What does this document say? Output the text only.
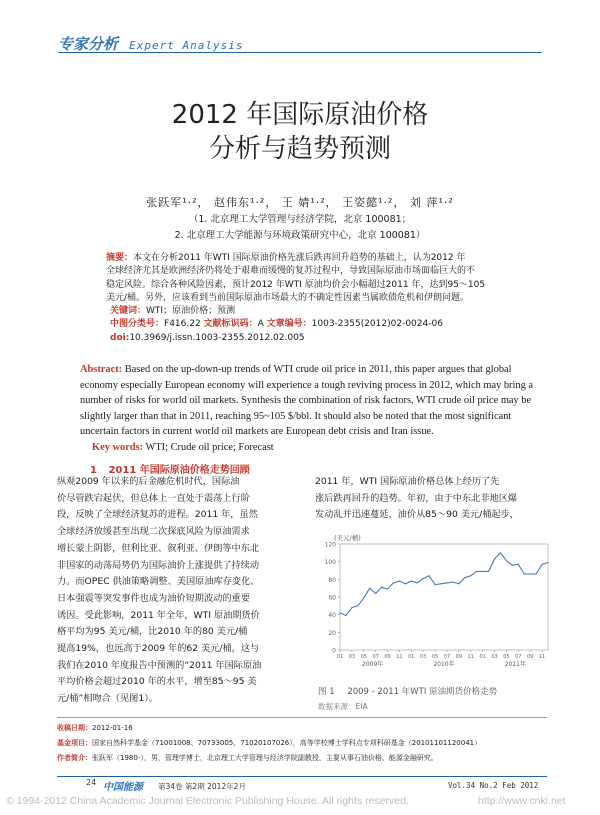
专家分析 Expert Analysis
2012 年国际原油价格
分析与趋势预测
张跃军¹·²， 赵伟东¹·²， 王 婧¹·²， 王姿懿¹·²， 刘 萍¹·²
（1. 北京理工大学管理与经济学院，北京 100081；
2. 北京理工大学能源与环境政策研究中心，北京 100081）
摘要：本文在分析2011 年WTI 国际原油价格先涨后跌再回升趋势的基础上，认为2012 年
全球经济尤其是欧洲经济仍将处于艰难而缓慢的复苏过程中，导致国际原油市场面临巨大的不
稳定风险。综合各种风险因素，预计2012 年WTI 原油均价会小幅超过2011 年，达到95～105
美元/桶。另外，应该看到当前国际原油市场最大的不确定性因素当属欧债危机和伊朗问题。
关键词：WTI；原油价格；预测
中图分类号：F416.22 文献标识码：A 文章编号：1003-2355(2012)02-0024-06
doi:10.3969/j.issn.1003-2355.2012.02.005
Abstract: Based on the up-down-up trends of WTI crude oil price in 2011, this paper argues that global
economy especially European economy will experience a tough reviving process in 2012, which may bring a
number of risks for world oil markets. Synthesis the combination of risk factors, WTI crude oil price may be
slightly larger than that in 2011, reaching 95~105 $/bbl. It should also be noted that the most significant
uncertain factors in current world oil markets are European debt crisis and Iran issue.
Key words: WTI; Crude oil price; Forecast
1 2011 年国际原油价格走势回顾
纵观2009 年以来的后金融危机时代，国际油
价尽管跌宕起伏，但总体上一直处于震荡上行阶
段，反映了全球经济复苏的进程。2011 年，虽然
全球经济放缓甚至出现二次探底风险为原油需求
增长蒙上阴影，但利比亚、叙利亚、伊朗等中东北
非国家的动荡局势仍为国际油价上涨提供了持续动
力。而OPEC 供油策略调整、美国原油库存变化、
日本强震等突发事件也成为油价短期波动的重要
诱因。受此影响，2011 年全年，WTI 原油期货价
格平均为95 美元/桶，比2010 年的80 美元/桶
提高19%，也远高于2009 年的62 美元/桶，这与
我们在2010 年度报告中预测的“2011 年国际原油
平均价格会超过2010 年的水平，增至85～95 美
元/桶”相吻合（见图1）。
2011 年，WTI 国际原油价格总体上经历了先
涨后跌再回升的趋势。年初，由于中东北非地区爆
发动乱并迅速蔓延，油价从85～90 美元/桶起步，
0
20
40
60
80
100
120
(美元/桶)
01 03 05 07 09 11 01 03 05 07 09 11 01 03 05 07 09 11
2009年	2010年	2011年
图 1 2009 - 2011 年WTI 原油期货价格走势
数据来源：EIA
收稿日期：2012-01-16
基金项目：国家自然科学基金（71001008、70733005、71020107026），高等学校博士学科点专项科研基金（20101101120041）
作者简介：张跃军（1980-），男，管理学博士，北京理工大学管理与经济学院副教授，主要从事石油价格、能源金融研究。
24 中国能源 第34卷 第2期 2012年2月	Vol.34 No.2 Feb 2012
© 1994-2012 China Academic Journal Electronic Publishing House. All rights reserved.	http://www.cnki.net
